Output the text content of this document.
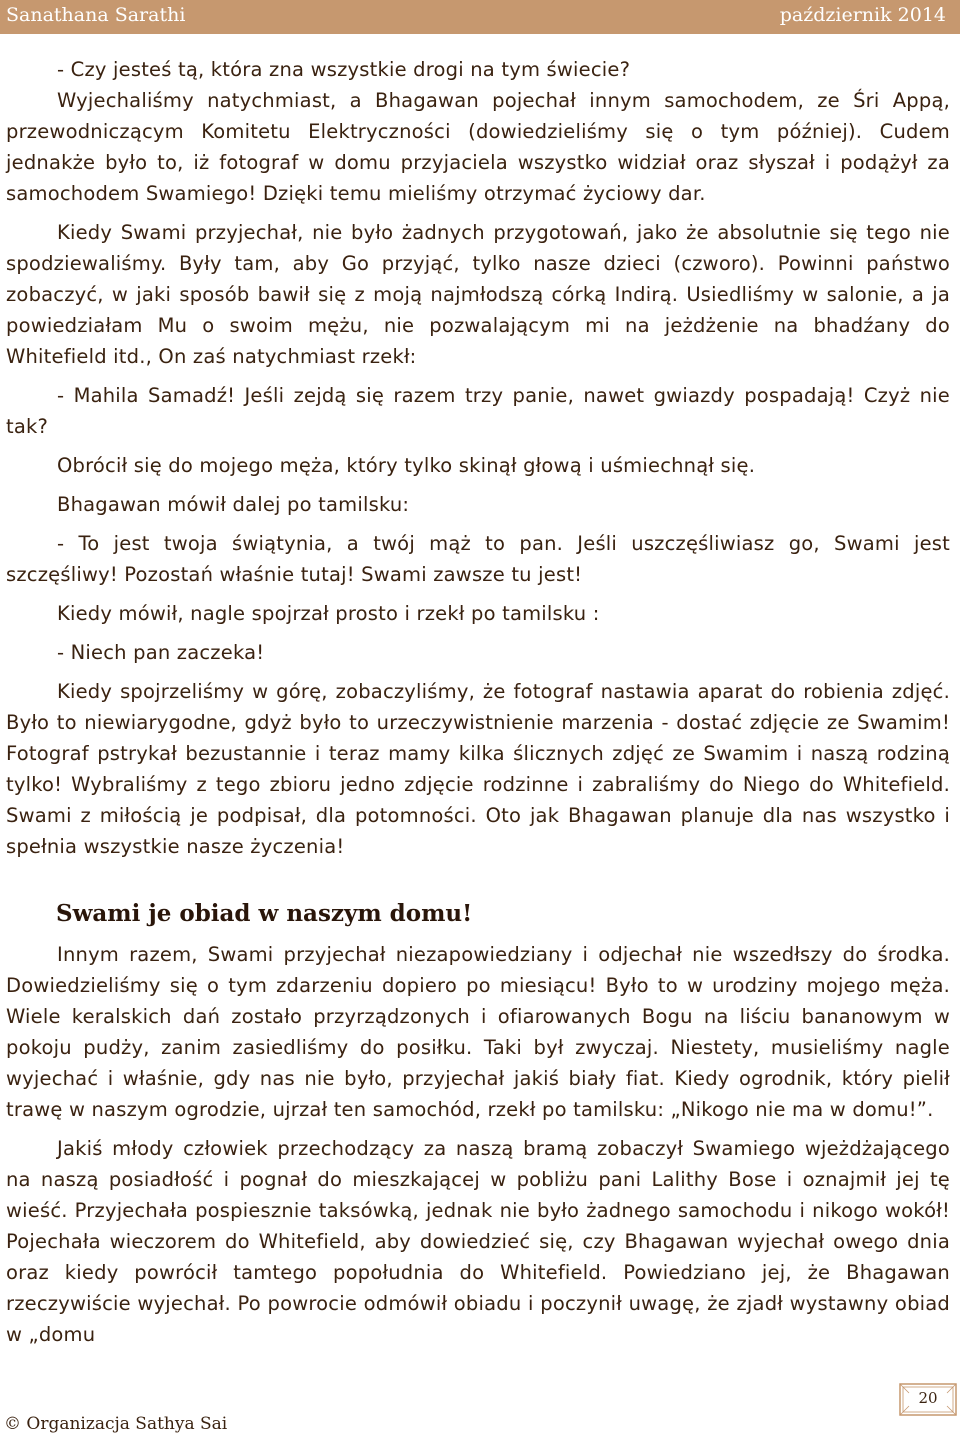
Sanathana Sarathi	październik 2014

- Czy jesteś tą, która zna wszystkie drogi na tym świecie?

Wyjechaliśmy natychmiast, a Bhagawan pojechał innym samochodem, ze Śri Appą, przewodniczącym Komitetu Elektryczności (dowiedzieliśmy się o tym później). Cudem jednakże było to, iż fotograf w domu przyjaciela wszystko widział oraz słyszał i podążył za samochodem Swamiego! Dzięki temu mieliśmy otrzymać życiowy dar.

Kiedy Swami przyjechał, nie było żadnych przygotowań, jako że absolutnie się tego nie spodziewaliśmy. Były tam, aby Go przyjąć, tylko nasze dzieci (czworo). Powinni państwo zobaczyć, w jaki sposób bawił się z moją najmłodszą córką Indirą. Usiedliśmy w salonie, a ja powiedziałam Mu o swoim mężu, nie pozwalającym mi na jeżdżenie na bhadźany do Whitefield itd., On zaś natychmiast rzekł:

- Mahila Samadź! Jeśli zejdą się razem trzy panie, nawet gwiazdy pospadają! Czyż nie tak?

Obrócił się do mojego męża, który tylko skinął głową i uśmiechnął się.

Bhagawan mówił dalej po tamilsku:

- To jest twoja świątynia, a twój mąż to pan. Jeśli uszczęśliwiasz go, Swami jest szczęśliwy! Pozostań właśnie tutaj! Swami zawsze tu jest!

Kiedy mówił, nagle spojrzał prosto i rzekł po tamilsku :

- Niech pan zaczeka!

Kiedy spojrzeliśmy w górę, zobaczyliśmy, że fotograf nastawia aparat do robienia zdjęć. Było to niewiarygodne, gdyż było to urzeczywistnienie marzenia - dostać zdjęcie ze Swamim! Fotograf pstrykał bezustannie i teraz mamy kilka ślicznych zdjęć ze Swamim i naszą rodziną tylko! Wybraliśmy z tego zbioru jedno zdjęcie rodzinne i zabraliśmy do Niego do Whitefield. Swami z miłością je podpisał, dla potomności. Oto jak Bhagawan planuje dla nas wszystko i spełnia wszystkie nasze życzenia!

Swami je obiad w naszym domu!

Innym razem, Swami przyjechał niezapowiedziany i odjechał nie wszedłszy do środka. Dowiedzieliśmy się o tym zdarzeniu dopiero po miesiącu! Było to w urodziny mojego męża. Wiele keralskich dań zostało przyrządzonych i ofiarowanych Bogu na liściu bananowym w pokoju pudży, zanim zasiedliśmy do posiłku. Taki był zwyczaj. Niestety, musieliśmy nagle wyjechać i właśnie, gdy nas nie było, przyjechał jakiś biały fiat. Kiedy ogrodnik, który pielił trawę w naszym ogrodzie, ujrzał ten samochód, rzekł po tamilsku: „Nikogo nie ma w domu!”.

Jakiś młody człowiek przechodzący za naszą bramą zobaczył Swamiego wjeżdżającego na naszą posiadłość i pognał do mieszkającej w pobliżu pani Lalithy Bose i oznajmił jej tę wieść. Przyjechała pospiesznie taksówką, jednak nie było żadnego samochodu i nikogo wokół! Pojechała wieczorem do Whitefield, aby dowiedzieć się, czy Bhagawan wyjechał owego dnia oraz kiedy powrócił tamtego popołudnia do Whitefield. Powiedziano jej, że Bhagawan rzeczywiście wyjechał. Po powrocie odmówił obiadu i poczynił uwagę, że zjadł wystawny obiad w „domu

© Organizacja Sathya Sai
20
